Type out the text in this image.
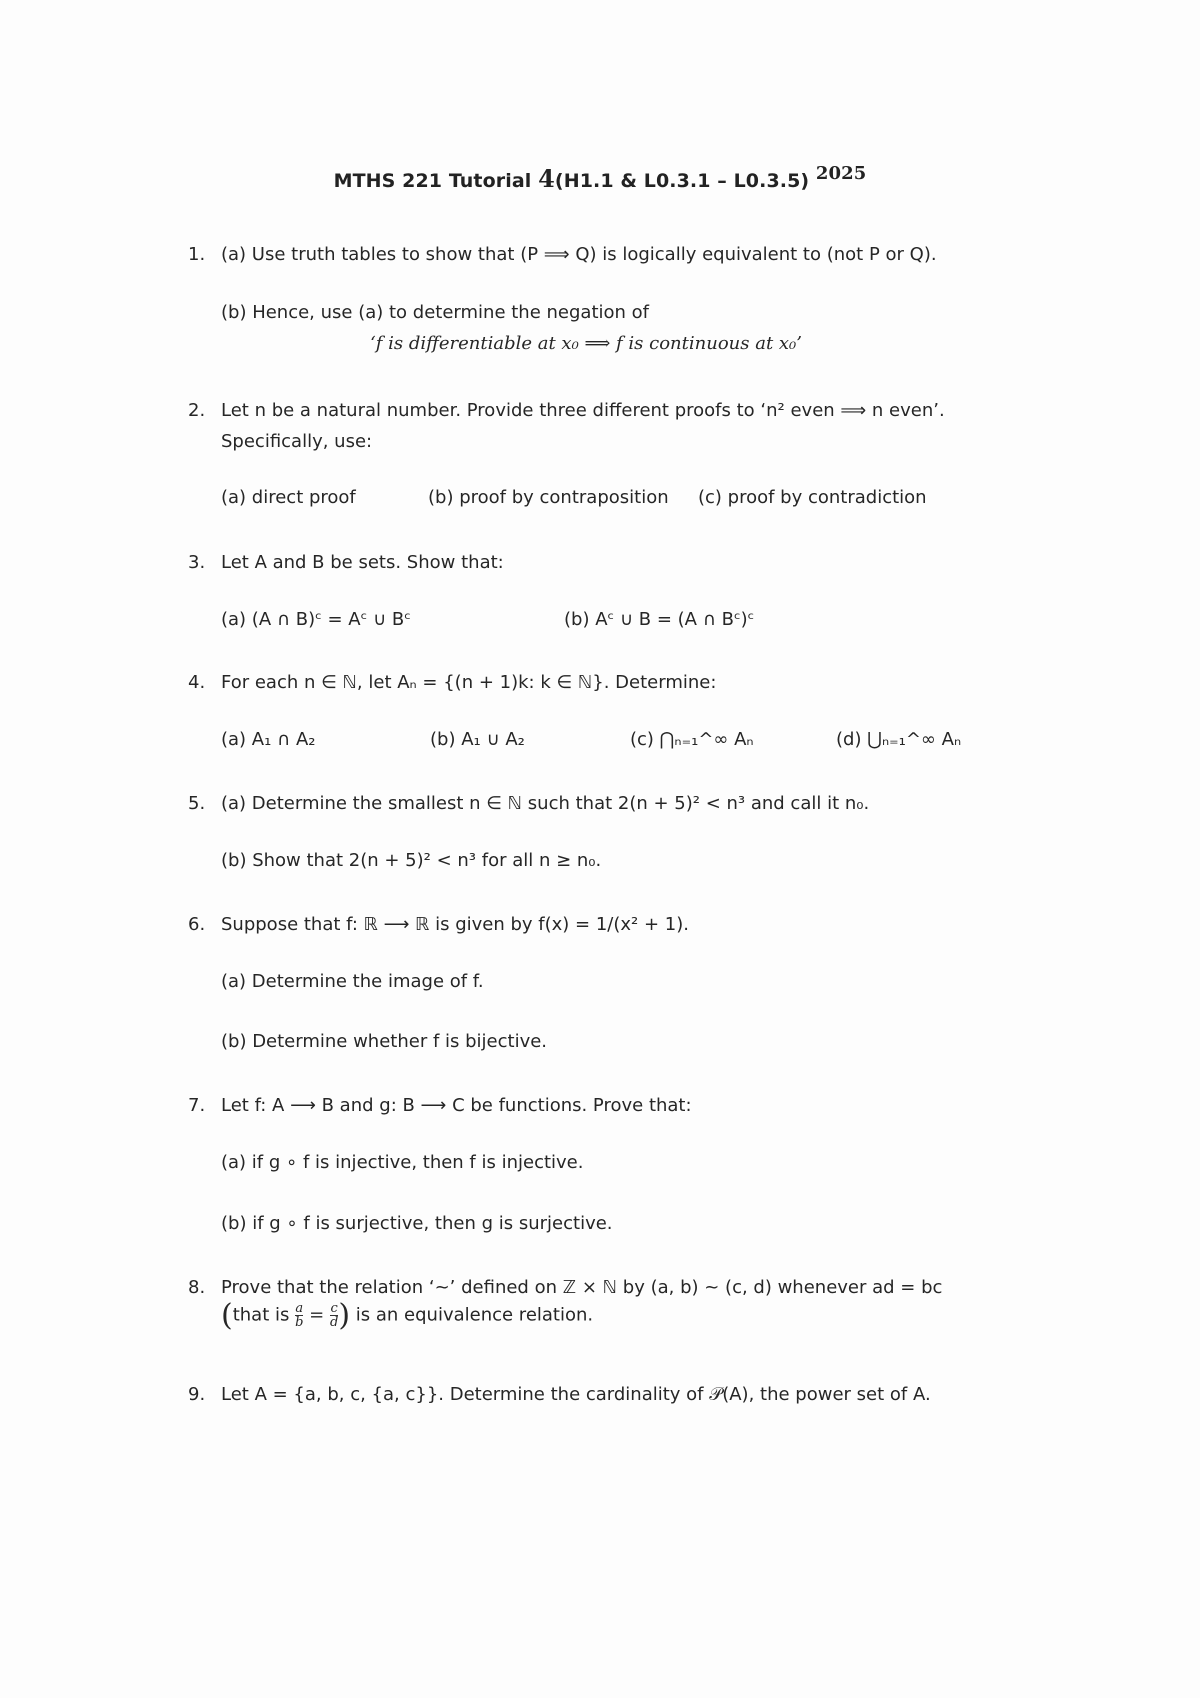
MTHS 221 Tutorial 4(H1.1 & L0.3.1 – L0.3.5) 2025
1. (a) Use truth tables to show that (P ⟹ Q) is logically equivalent to (not P or Q).
(b) Hence, use (a) to determine the negation of
‘f is differentiable at x₀ ⟹ f is continuous at x₀’
2. Let n be a natural number. Provide three different proofs to ‘n² even ⟹ n even’.
Specifically, use:
(a) direct proof	(b) proof by contraposition (c) proof by contradiction
3. Let A and B be sets. Show that:
(a) (A ∩ B)ᶜ = Aᶜ ∪ Bᶜ	(b) Aᶜ ∪ B = (A ∩ Bᶜ)ᶜ
4. For each n ∈ ℕ, let Aₙ = {(n + 1)k: k ∈ ℕ}. Determine:
(a) A₁ ∩ A₂	(b) A₁ ∪ A₂	(c) ⋂ₙ₌₁^∞ Aₙ	(d) ⋃ₙ₌₁^∞ Aₙ
5. (a) Determine the smallest n ∈ ℕ such that 2(n + 5)² < n³ and call it n₀.
(b) Show that 2(n + 5)² < n³ for all n ≥ n₀.
6. Suppose that f: ℝ ⟶ ℝ is given by f(x) = 1/(x² + 1).
(a) Determine the image of f.
(b) Determine whether f is bijective.
7. Let f: A ⟶ B and g: B ⟶ C be functions. Prove that:
(a) if g ∘ f is injective, then f is injective.
(b) if g ∘ f is surjective, then g is surjective.
8. Prove that the relation ‘~’ defined on ℤ × ℕ by (a, b) ~ (c, d) whenever ad = bc
(that is $\frac{a}{b} = \frac{c}{d}$ ) is an equivalence relation.
9. Let A = {a, b, c, {a, c}}. Determine the cardinality of 𝒫(A), the power set of A.
